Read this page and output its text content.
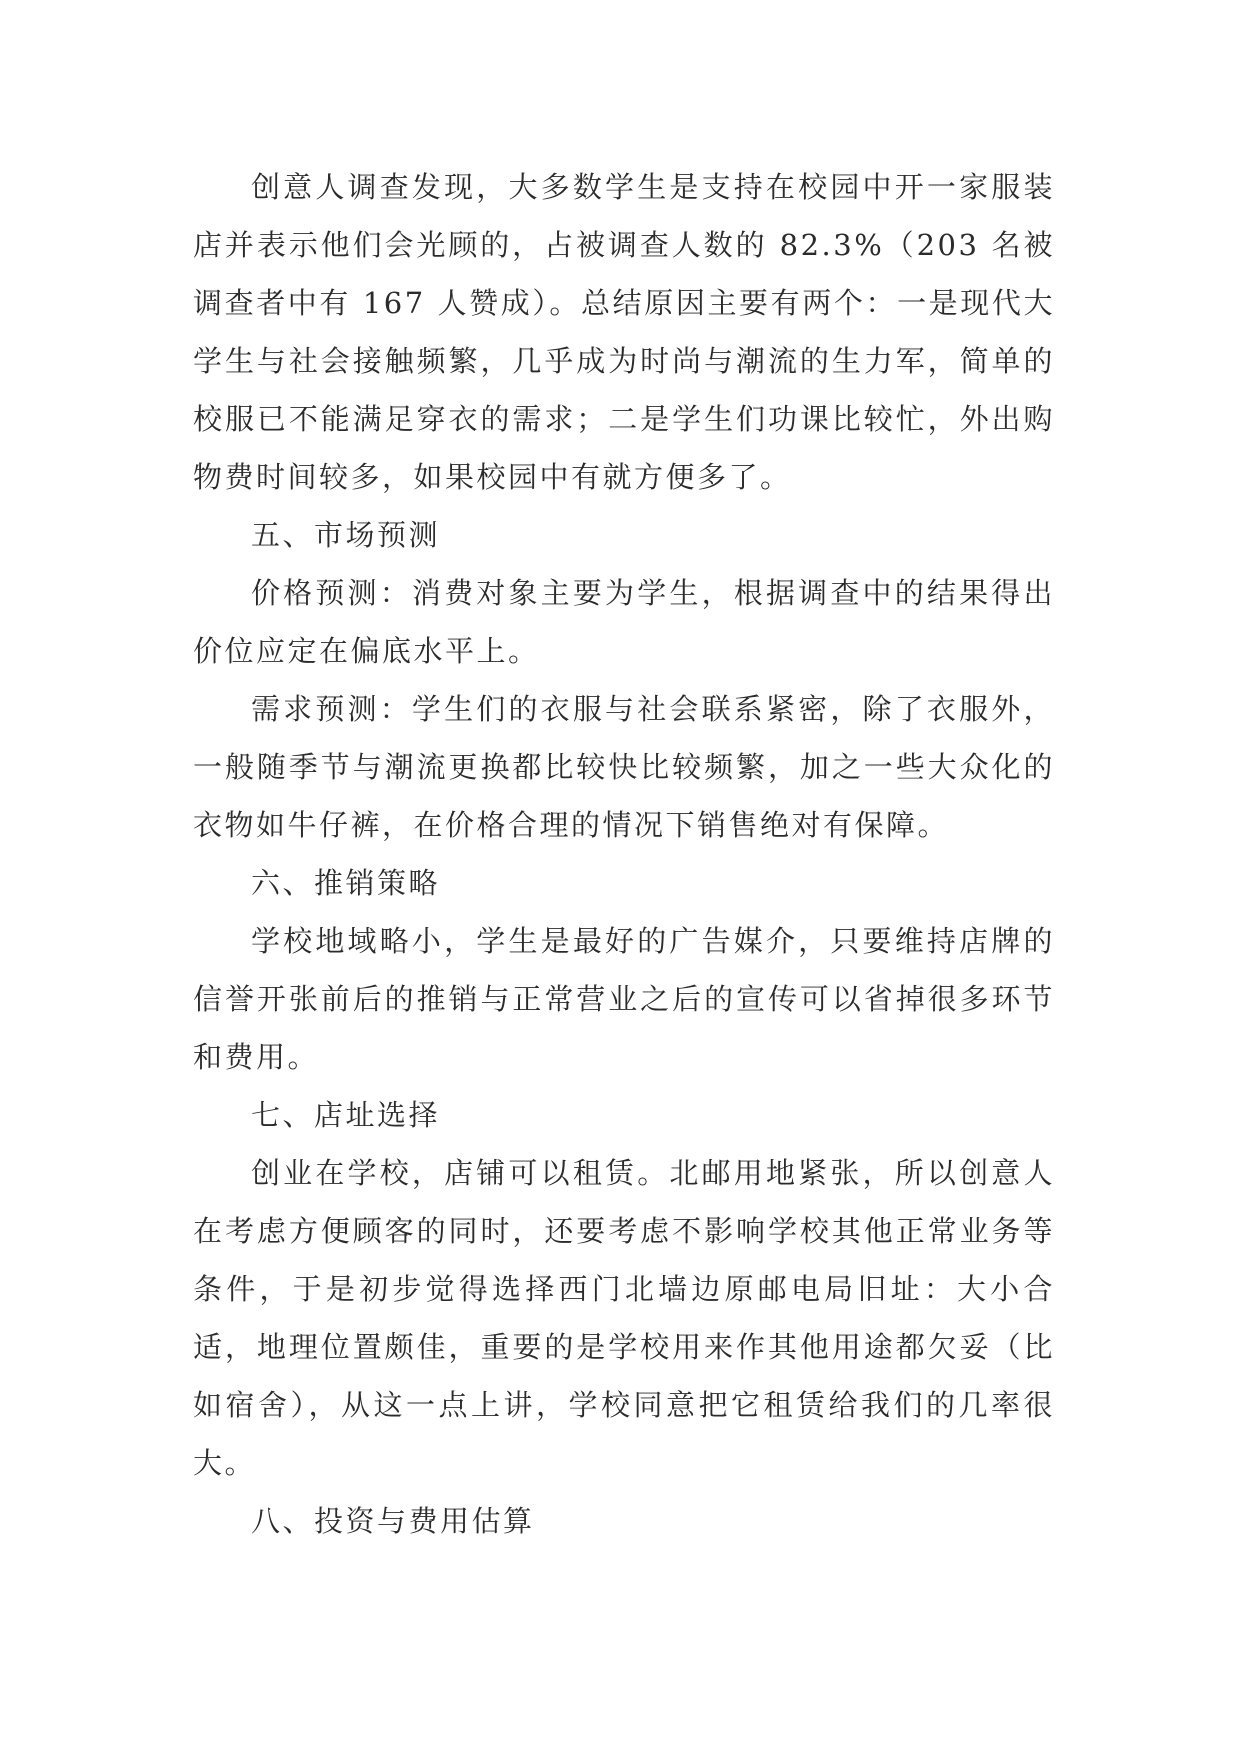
创意人调查发现，大多数学生是支持在校园中开一家服装店并表示他们会光顾的，占被调查人数的 82.3%（203 名被调查者中有 167 人赞成）。总结原因主要有两个：一是现代大学生与社会接触频繁，几乎成为时尚与潮流的生力军，简单的校服已不能满足穿衣的需求；二是学生们功课比较忙，外出购物费时间较多，如果校园中有就方便多了。

五、市场预测

价格预测：消费对象主要为学生，根据调查中的结果得出价位应定在偏底水平上。

需求预测：学生们的衣服与社会联系紧密，除了衣服外，一般随季节与潮流更换都比较快比较频繁，加之一些大众化的衣物如牛仔裤，在价格合理的情况下销售绝对有保障。

六、推销策略

学校地域略小，学生是最好的广告媒介，只要维持店牌的信誉开张前后的推销与正常营业之后的宣传可以省掉很多环节和费用。

七、店址选择

创业在学校，店铺可以租赁。北邮用地紧张，所以创意人在考虑方便顾客的同时，还要考虑不影响学校其他正常业务等条件，于是初步觉得选择西门北墙边原邮电局旧址：大小合适，地理位置颇佳，重要的是学校用来作其他用途都欠妥（比如宿舍），从这一点上讲，学校同意把它租赁给我们的几率很大。

八、投资与费用估算
